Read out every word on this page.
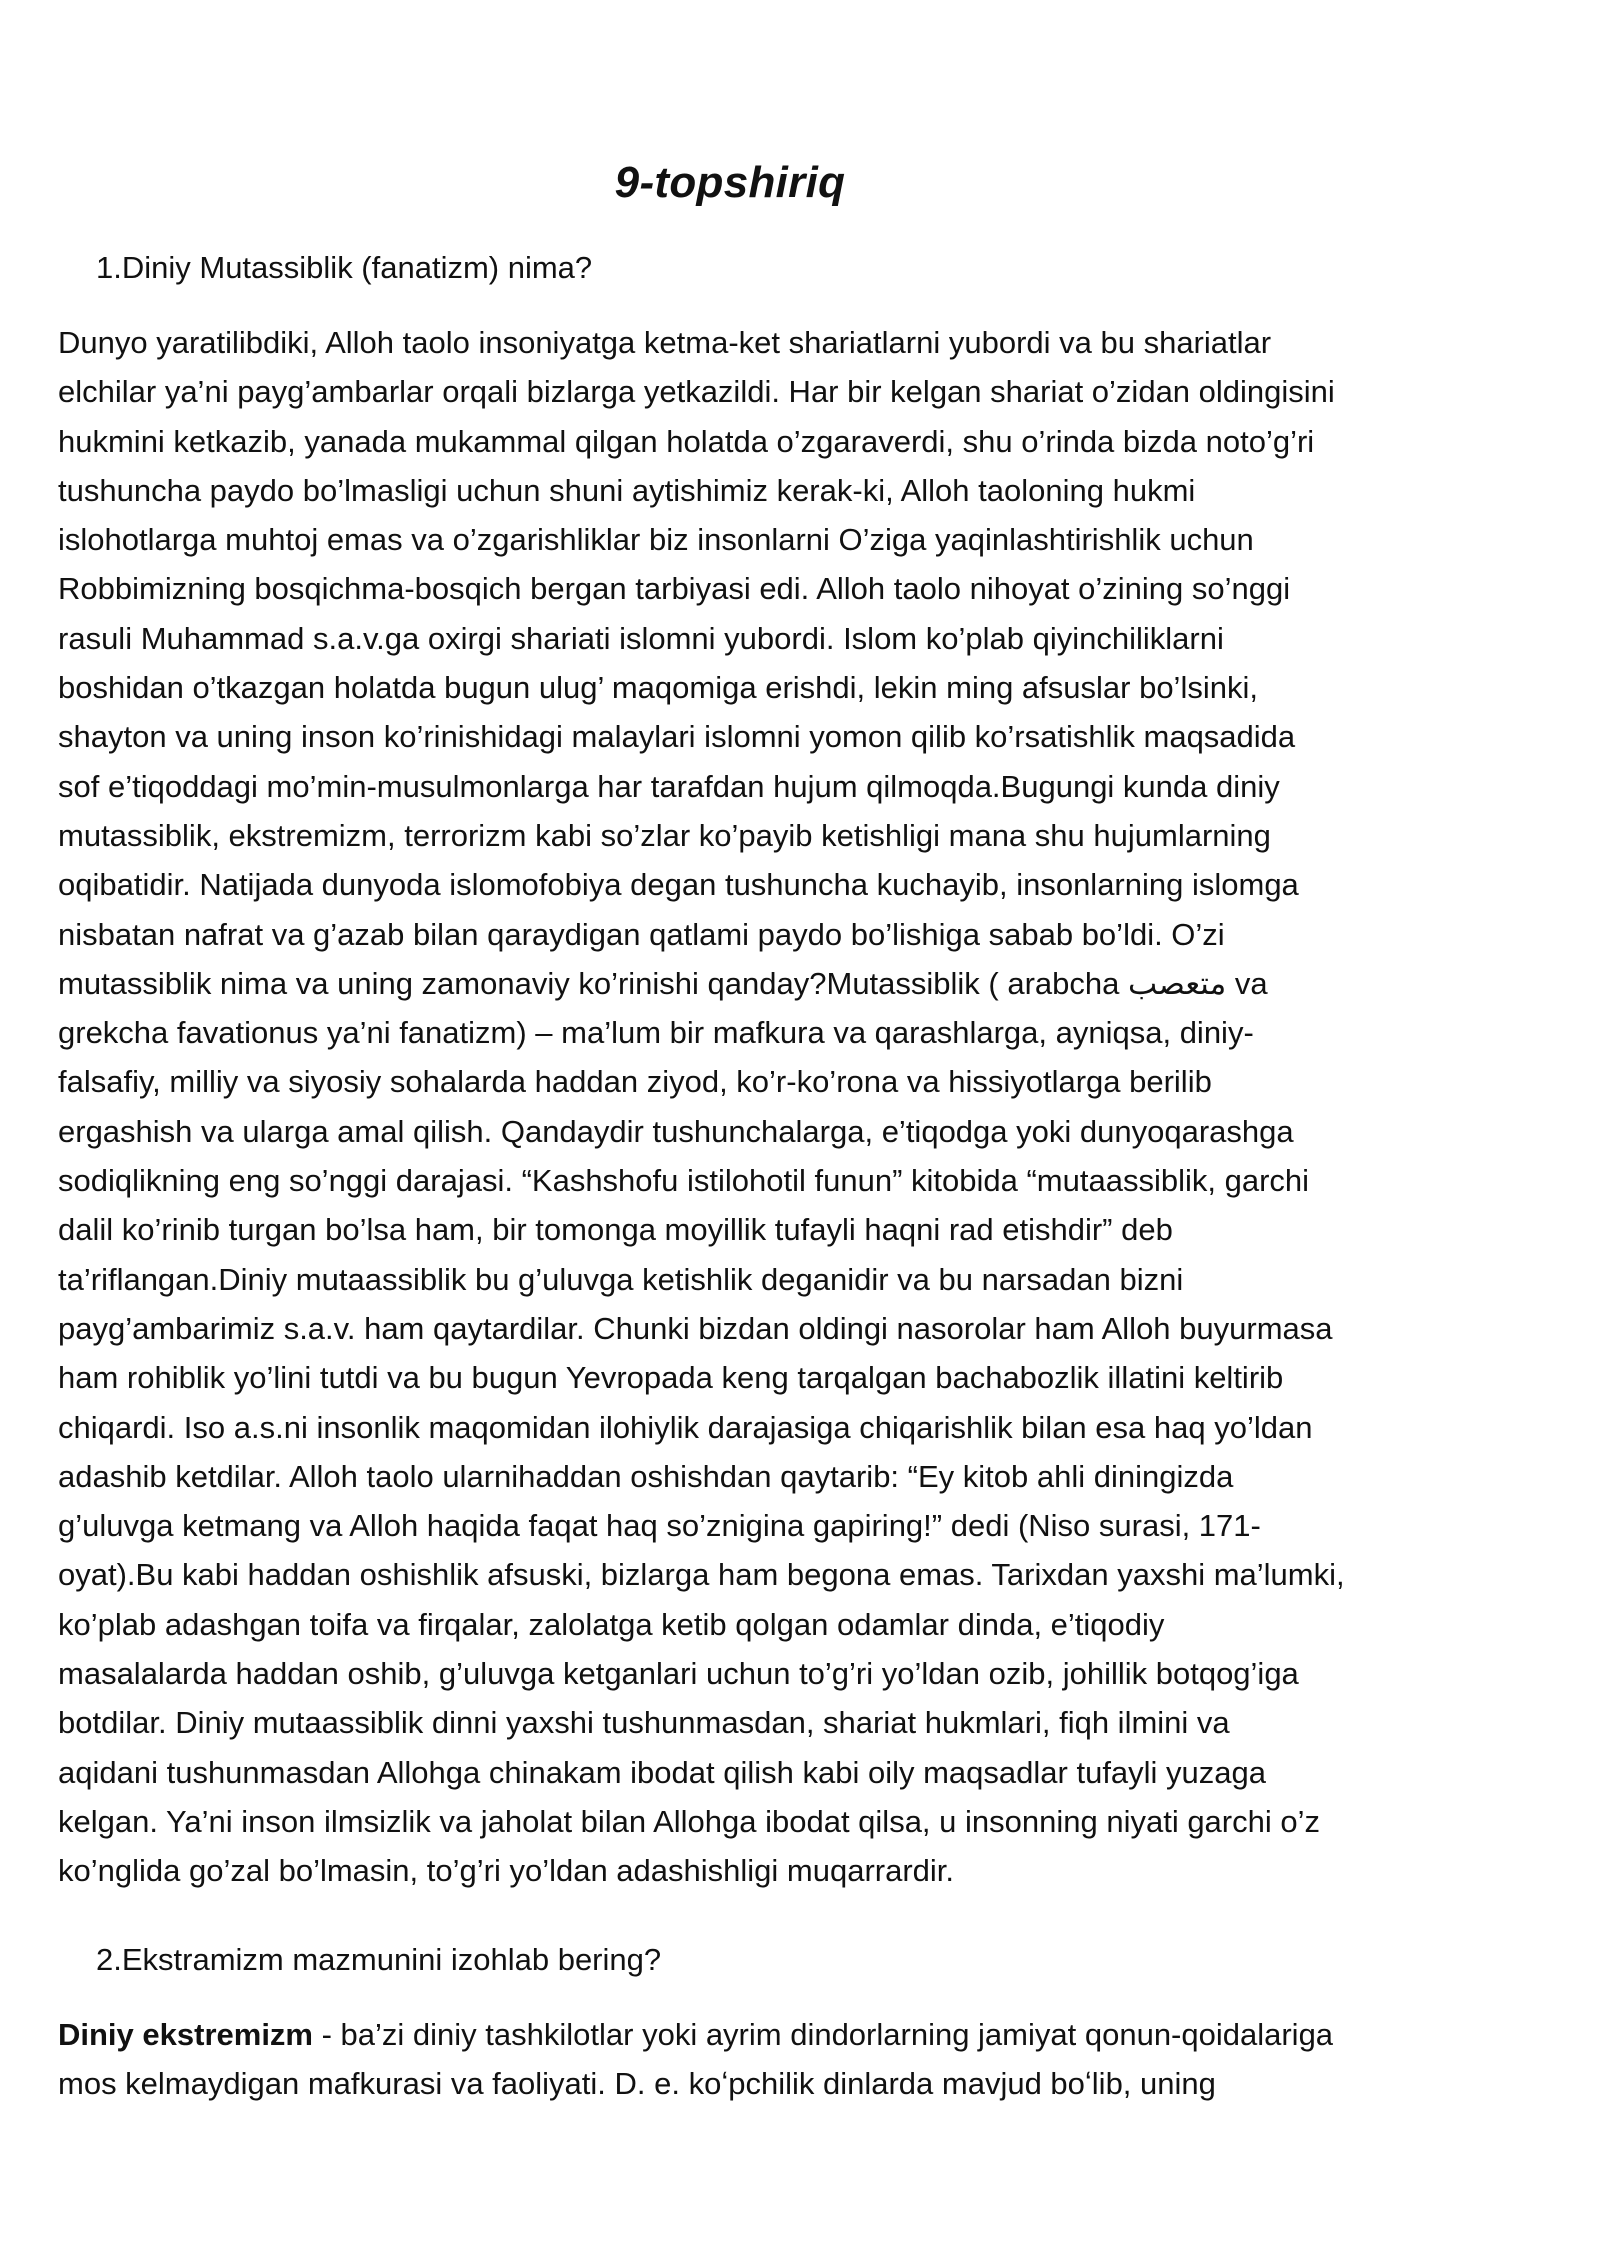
9-topshiriq
1.Diniy Mutassiblik (fanatizm) nima?
Dunyo yaratilibdiki, Alloh taolo insoniyatga ketma-ket shariatlarni yubordi va bu shariatlar
elchilar ya’ni payg’ambarlar orqali bizlarga yetkazildi. Har bir kelgan shariat o’zidan oldingisini
hukmini ketkazib, yanada mukammal qilgan holatda o’zgaraverdi, shu o’rinda bizda noto’g’ri
tushuncha paydo bo’lmasligi uchun shuni aytishimiz kerak-ki, Alloh taoloning hukmi
islohotlarga muhtoj emas va o’zgarishliklar biz insonlarni O’ziga yaqinlashtirishlik uchun
Robbimizning bosqichma-bosqich bergan tarbiyasi edi. Alloh taolo nihoyat o’zining so’nggi
rasuli Muhammad s.a.v.ga oxirgi shariati islomni yubordi. Islom ko’plab qiyinchiliklarni
boshidan o’tkazgan holatda bugun ulug’ maqomiga erishdi, lekin ming afsuslar bo’lsinki,
shayton va uning inson ko’rinishidagi malaylari islomni yomon qilib ko’rsatishlik maqsadida
sof e’tiqoddagi mo’min-musulmonlarga har tarafdan hujum qilmoqda.Bugungi kunda diniy
mutassiblik, ekstremizm, terrorizm kabi so’zlar ko’payib ketishligi mana shu hujumlarning
oqibatidir. Natijada dunyoda islomofobiya degan tushuncha kuchayib, insonlarning islomga
nisbatan nafrat va g’azab bilan qaraydigan qatlami paydo bo’lishiga sabab bo’ldi. O’zi
mutassiblik nima va uning zamonaviy ko’rinishi qanday?Mutassiblik ( arabcha متعصب va
grekcha favationus ya’ni fanatizm) – ma’lum bir mafkura va qarashlarga, ayniqsa, diniy-
falsafiy, milliy va siyosiy sohalarda haddan ziyod, ko’r-ko’rona va hissiyotlarga berilib
ergashish va ularga amal qilish. Qandaydir tushunchalarga, e’tiqodga yoki dunyoqarashga
sodiqlikning eng so’nggi darajasi. “Kashshofu istilohotil funun” kitobida “mutaassiblik, garchi
dalil ko’rinib turgan bo’lsa ham, bir tomonga moyillik tufayli haqni rad etishdir” deb
ta’riflangan.Diniy mutaassiblik bu g’uluvga ketishlik deganidir va bu narsadan bizni
payg’ambarimiz s.a.v. ham qaytardilar. Chunki bizdan oldingi nasorolar ham Alloh buyurmasa
ham rohiblik yo’lini tutdi va bu bugun Yevropada keng tarqalgan bachabozlik illatini keltirib
chiqardi. Iso a.s.ni insonlik maqomidan ilohiylik darajasiga chiqarishlik bilan esa haq yo’ldan
adashib ketdilar. Alloh taolo ularnihaddan oshishdan qaytarib: “Ey kitob ahli diningizda
g’uluvga ketmang va Alloh haqida faqat haq so’znigina gapiring!” dedi (Niso surasi, 171-
oyat).Bu kabi haddan oshishlik afsuski, bizlarga ham begona emas. Tarixdan yaxshi ma’lumki,
ko’plab adashgan toifa va firqalar, zalolatga ketib qolgan odamlar dinda, e’tiqodiy
masalalarda haddan oshib, g’uluvga ketganlari uchun to’g’ri yo’ldan ozib, johillik botqog’iga
botdilar. Diniy mutaassiblik dinni yaxshi tushunmasdan, shariat hukmlari, fiqh ilmini va
aqidani tushunmasdan Allohga chinakam ibodat qilish kabi oily maqsadlar tufayli yuzaga
kelgan. Ya’ni inson ilmsizlik va jaholat bilan Allohga ibodat qilsa, u insonning niyati garchi o’z
ko’nglida go’zal bo’lmasin, to’g’ri yo’ldan adashishligi muqarrardir.
2.Ekstramizm mazmunini izohlab bering?
Diniy ekstremizm - ba’zi diniy tashkilotlar yoki ayrim dindorlarning jamiyat qonun-qoidalariga
mos kelmaydigan mafkurasi va faoliyati. D. e. koʻpchilik dinlarda mavjud boʻlib, uning
